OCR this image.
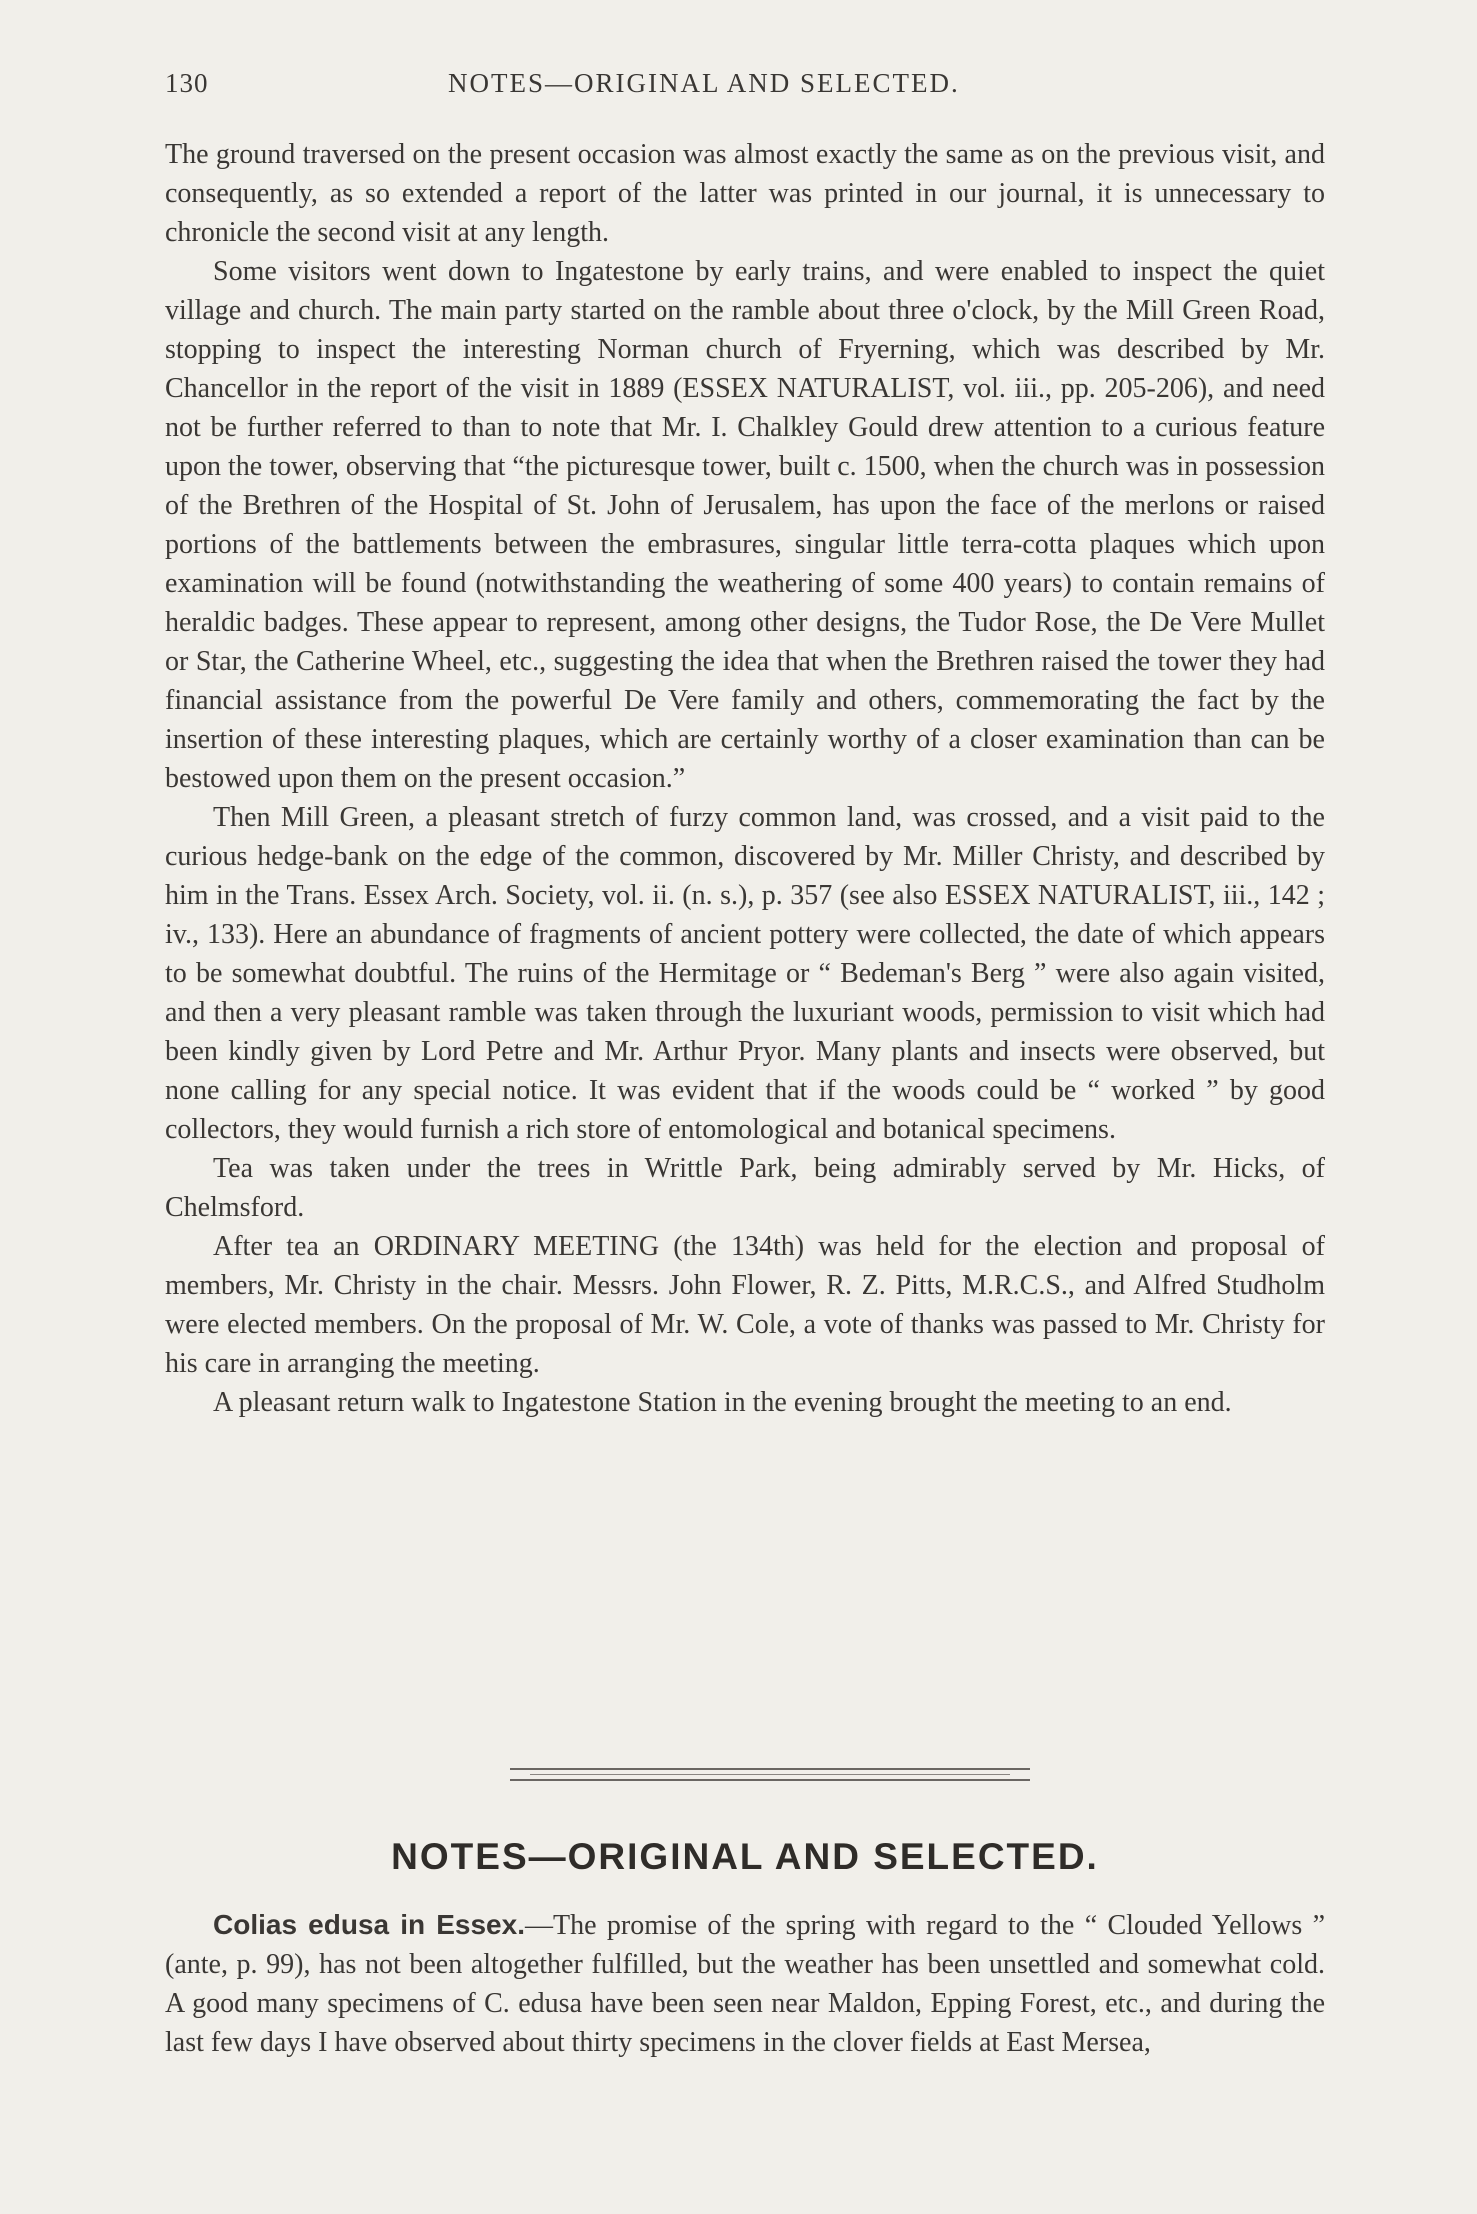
130	NOTES—ORIGINAL AND SELECTED.

The ground traversed on the present occasion was almost exactly the same as on the previous visit, and consequently, as so extended a report of the latter was printed in our journal, it is unnecessary to chronicle the second visit at any length.

Some visitors went down to Ingatestone by early trains, and were enabled to inspect the quiet village and church. The main party started on the ramble about three o'clock, by the Mill Green Road, stopping to inspect the interesting Norman church of Fryerning, which was described by Mr. Chancellor in the report of the visit in 1889 (ESSEX NATURALIST, vol. iii., pp. 205-206), and need not be further referred to than to note that Mr. I. Chalkley Gould drew attention to a curious feature upon the tower, observing that “the picturesque tower, built c. 1500, when the church was in possession of the Brethren of the Hospital of St. John of Jerusalem, has upon the face of the merlons or raised portions of the battlements between the embrasures, singular little terra-cotta plaques which upon examination will be found (notwithstanding the weathering of some 400 years) to contain remains of heraldic badges. These appear to represent, among other designs, the Tudor Rose, the De Vere Mullet or Star, the Catherine Wheel, etc., suggesting the idea that when the Brethren raised the tower they had financial assistance from the powerful De Vere family and others, commemorating the fact by the insertion of these interesting plaques, which are certainly worthy of a closer examination than can be bestowed upon them on the present occasion.”

Then Mill Green, a pleasant stretch of furzy common land, was crossed, and a visit paid to the curious hedge-bank on the edge of the common, discovered by Mr. Miller Christy, and described by him in the Trans. Essex Arch. Society, vol. ii. (n. s.), p. 357 (see also ESSEX NATURALIST, iii., 142 ; iv., 133). Here an abundance of fragments of ancient pottery were collected, the date of which appears to be somewhat doubtful. The ruins of the Hermitage or “ Bedeman's Berg ” were also again visited, and then a very pleasant ramble was taken through the luxuriant woods, permission to visit which had been kindly given by Lord Petre and Mr. Arthur Pryor. Many plants and insects were observed, but none calling for any special notice. It was evident that if the woods could be “ worked ” by good collectors, they would furnish a rich store of entomological and botanical specimens.

Tea was taken under the trees in Writtle Park, being admirably served by Mr. Hicks, of Chelmsford.

After tea an ORDINARY MEETING (the 134th) was held for the election and proposal of members, Mr. Christy in the chair. Messrs. John Flower, R. Z. Pitts, M.R.C.S., and Alfred Studholm were elected members. On the proposal of Mr. W. Cole, a vote of thanks was passed to Mr. Christy for his care in arranging the meeting.

A pleasant return walk to Ingatestone Station in the evening brought the meeting to an end.

NOTES—ORIGINAL AND SELECTED.

Colias edusa in Essex.—The promise of the spring with regard to the “ Clouded Yellows ” (ante, p. 99), has not been altogether fulfilled, but the weather has been unsettled and somewhat cold. A good many specimens of C. edusa have been seen near Maldon, Epping Forest, etc., and during the last few days I have observed about thirty specimens in the clover fields at East Mersea,
